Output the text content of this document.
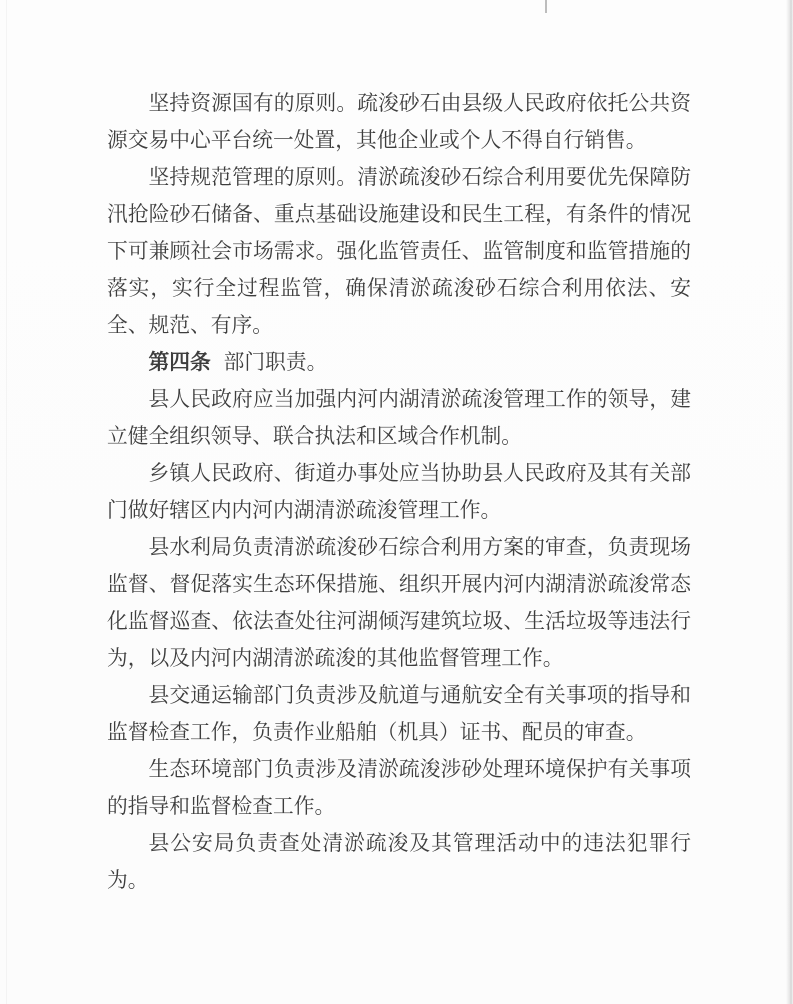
坚持资源国有的原则。疏浚砂石由县级人民政府依托公共资源交易中心平台统一处置，其他企业或个人不得自行销售。

坚持规范管理的原则。清淤疏浚砂石综合利用要优先保障防汛抢险砂石储备、重点基础设施建设和民生工程，有条件的情况下可兼顾社会市场需求。强化监管责任、监管制度和监管措施的落实，实行全过程监管，确保清淤疏浚砂石综合利用依法、安全、规范、有序。

第四条 部门职责。

县人民政府应当加强内河内湖清淤疏浚管理工作的领导，建立健全组织领导、联合执法和区域合作机制。

乡镇人民政府、街道办事处应当协助县人民政府及其有关部门做好辖区内内河内湖清淤疏浚管理工作。

县水利局负责清淤疏浚砂石综合利用方案的审查，负责现场监督、督促落实生态环保措施、组织开展内河内湖清淤疏浚常态化监督巡查、依法查处往河湖倾泻建筑垃圾、生活垃圾等违法行为，以及内河内湖清淤疏浚的其他监督管理工作。

县交通运输部门负责涉及航道与通航安全有关事项的指导和监督检查工作，负责作业船舶（机具）证书、配员的审查。

生态环境部门负责涉及清淤疏浚涉砂处理环境保护有关事项的指导和监督检查工作。

县公安局负责查处清淤疏浚及其管理活动中的违法犯罪行为。
